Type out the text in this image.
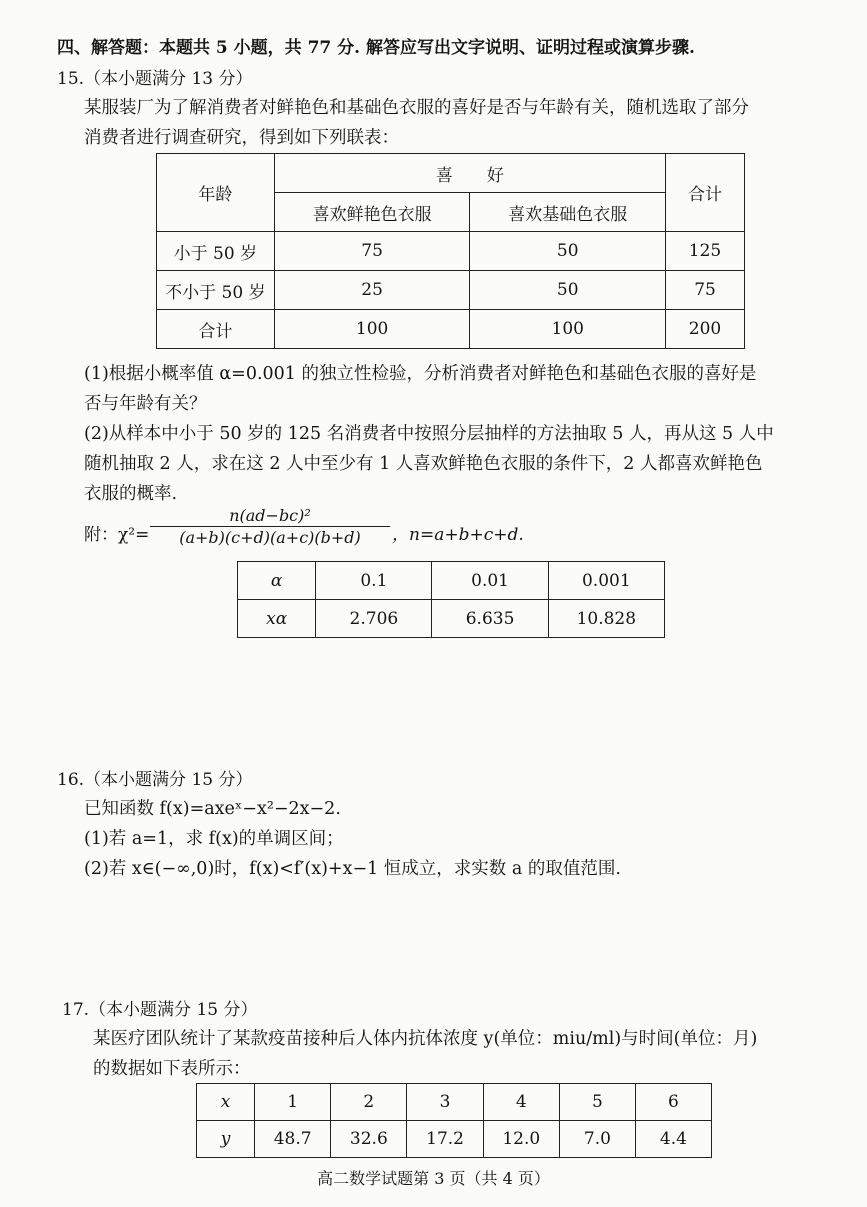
四、解答题：本题共 5 小题，共 77 分. 解答应写出文字说明、证明过程或演算步骤.
15.（本小题满分 13 分）
某服装厂为了解消费者对鲜艳色和基础色衣服的喜好是否与年龄有关，随机选取了部分
消费者进行调查研究，得到如下列联表：
年龄	喜　　好		合计
	喜欢鲜艳色衣服	喜欢基础色衣服	
小于 50 岁	75	50	125
不小于 50 岁	25	50	75
合计	100	100	200
(1)根据小概率值 α=0.001 的独立性检验，分析消费者对鲜艳色和基础色衣服的喜好是
否与年龄有关？
(2)从样本中小于 50 岁的 125 名消费者中按照分层抽样的方法抽取 5 人，再从这 5 人中
随机抽取 2 人，求在这 2 人中至少有 1 人喜欢鲜艳色衣服的条件下，2 人都喜欢鲜艳色
衣服的概率.
附：$\chi^2= \frac{\text{n(ad−bc)²}}{(a+b)(c+d)(a+c)(b+d)}$ ，n=a+b+c+d.
α	0.1	0.01	0.001
xα	2.706	6.635	10.828
16.（本小题满分 15 分）
已知函数 f(x)=axeˣ−x²−2x−2.
(1)若 a=1，求 f(x)的单调区间；
(2)若 x∈(−∞,0)时，f(x)<f′(x)+x−1 恒成立，求实数 a 的取值范围.
17.（本小题满分 15 分）
某医疗团队统计了某款疫苗接种后人体内抗体浓度 y(单位：miu/ml)与时间(单位：月)
的数据如下表所示：
x	1	2	3	4	5	6
y	48.7	32.6	17.2	12.0	7.0	4.4
高二数学试题第 3 页（共 4 页）
